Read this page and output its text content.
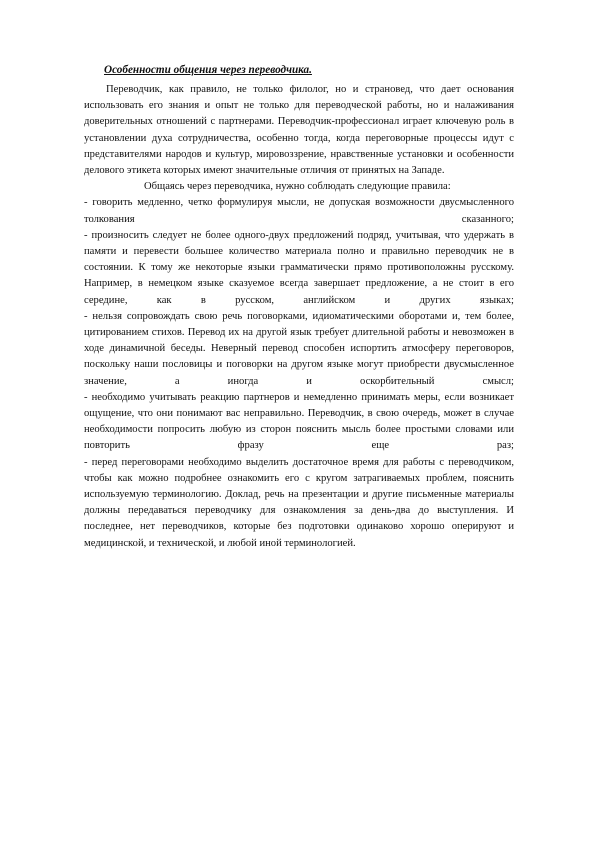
Особенности общения через переводчика.

Переводчик, как правило, не только филолог, но и страновед, что дает основания использовать его знания и опыт не только для переводческой работы, но и налаживания доверительных отношений с партнерами. Переводчик-профессионал играет ключевую роль в установлении духа сотрудничества, особенно тогда, когда переговорные процессы идут с представителями народов и культур, мировоззрение, нравственные установки и особенности делового этикета которых имеют значительные отличия от принятых на Западе.

Общаясь через переводчика, нужно соблюдать следующие правила:

- говорить медленно, четко формулируя мысли, не допуская возможности двусмысленного толкования сказанного;

- произносить следует не более одного-двух предложений подряд, учитывая, что удержать в памяти и перевести большее количество материала полно и правильно переводчик не в состоянии. К тому же некоторые языки грамматически прямо противоположны русскому. Например, в немецком языке сказуемое всегда завершает предложение, а не стоит в его середине, как в русском, английском и других языках;

- нельзя сопровождать свою речь поговорками, идиоматическими оборотами и, тем более, цитированием стихов. Перевод их на другой язык требует длительной работы и невозможен в ходе динамичной беседы. Неверный перевод способен испортить атмосферу переговоров, поскольку наши пословицы и поговорки на другом языке могут приобрести двусмысленное значение, а иногда и оскорбительный смысл;

- необходимо учитывать реакцию партнеров и немедленно принимать меры, если возникает ощущение, что они понимают вас неправильно. Переводчик, в свою очередь, может в случае необходимости попросить любую из сторон пояснить мысль более простыми словами или повторить фразу еще раз;

- перед переговорами необходимо выделить достаточное время для работы с переводчиком, чтобы как можно подробнее ознакомить его с кругом затрагиваемых проблем, пояснить используемую терминологию. Доклад, речь на презентации и другие письменные материалы должны передаваться переводчику для ознакомления за день-два до выступления. И последнее, нет переводчиков, которые без подготовки одинаково хорошо оперируют и медицинской, и технической, и любой иной терминологией.
